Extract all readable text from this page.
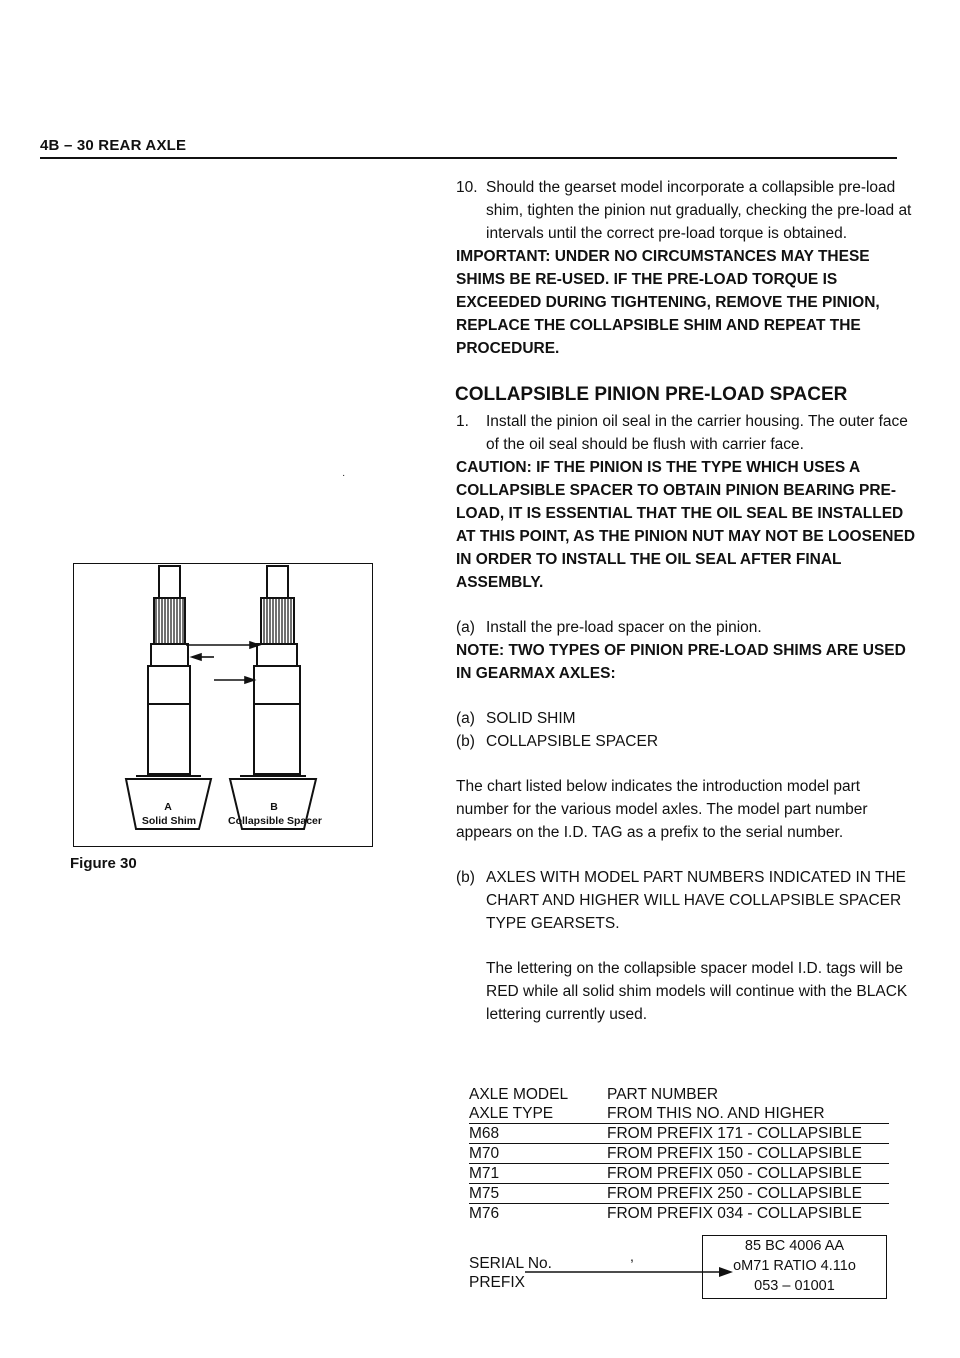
4B – 30 REAR AXLE
10. Should the gearset model incorporate a collapsible pre-load shim, tighten the pinion nut gradually, checking the pre-load at intervals until the correct pre-load torque is obtained.
IMPORTANT: UNDER NO CIRCUMSTANCES MAY THESE SHIMS BE RE-USED. IF THE PRE-LOAD TORQUE IS EXCEEDED DURING TIGHTENING, REMOVE THE PINION, REPLACE THE COLLAPSIBLE SHIM AND REPEAT THE PROCEDURE.
COLLAPSIBLE PINION PRE-LOAD SPACER
1. Install the pinion oil seal in the carrier housing. The outer face of the oil seal should be flush with carrier face.
CAUTION: IF THE PINION IS THE TYPE WHICH USES A COLLAPSIBLE SPACER TO OBTAIN PINION BEARING PRE-LOAD, IT IS ESSENTIAL THAT THE OIL SEAL BE INSTALLED AT THIS POINT, AS THE PINION NUT MAY NOT BE LOOSENED IN ORDER TO INSTALL THE OIL SEAL AFTER FINAL ASSEMBLY.
(a) Install the pre-load spacer on the pinion.
NOTE: TWO TYPES OF PINION PRE-LOAD SHIMS ARE USED IN GEARMAX AXLES:
(a) SOLID SHIM
(b) COLLAPSIBLE SPACER
The chart listed below indicates the introduction model part number for the various model axles. The model part number appears on the I.D. TAG as a prefix to the serial number.
(b) AXLES WITH MODEL PART NUMBERS INDICATED IN THE CHART AND HIGHER WILL HAVE COLLAPSIBLE SPACER TYPE GEARSETS.
The lettering on the collapsible spacer model I.D. tags will be RED while all solid shim models will continue with the BLACK lettering currently used.
A
Solid Shim
B
Collapsible Spacer
Figure 30
·
AXLE MODEL	PART NUMBER
AXLE TYPE	FROM THIS NO. AND HIGHER
M68	FROM PREFIX 171 - COLLAPSIBLE
M70	FROM PREFIX 150 - COLLAPSIBLE
M71	FROM PREFIX 050 - COLLAPSIBLE
M75	FROM PREFIX 250 - COLLAPSIBLE
M76	FROM PREFIX 034 - COLLAPSIBLE
SERIAL No.
PREFIX
,
85 BC 4006 AA
oM71 RATIO 4.11o
053 – 01001
